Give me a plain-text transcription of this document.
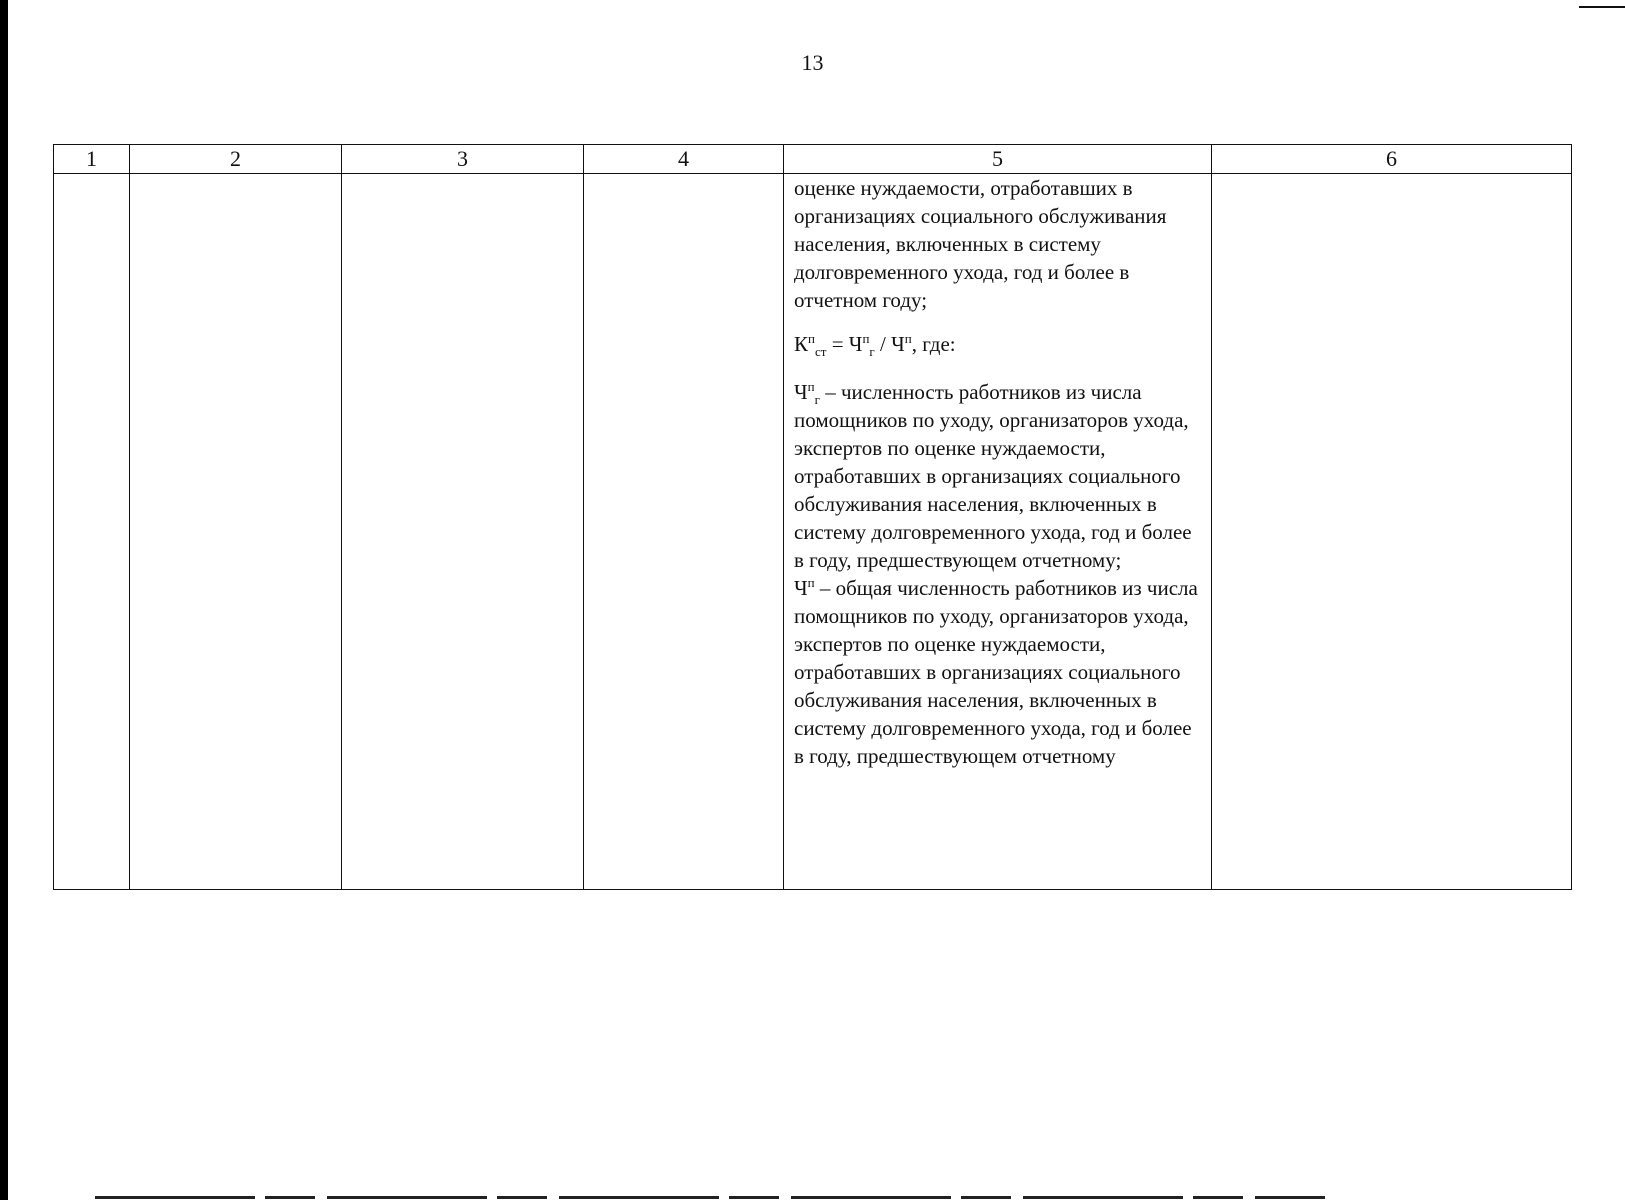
13
1	2	3	4	5	6

				оценке нуждаемости, отработавших в организациях социального обслуживания населения, включенных в систему долговременного ухода, год и более в отчетном году;

$К^п_{ст} = Ч^п_г / Ч^п$, где:

$Ч^п_г$ – численность работников из числа помощников по уходу, организаторов ухода, экспертов по оценке нуждаемости, отработавших в организациях социального обслуживания населения, включенных в систему долговременного ухода, год и более в году, предшествующем отчетному;

$Ч^п$ – общая численность работников из числа помощников по уходу, организаторов ухода, экспертов по оценке нуждаемости, отработавших в организациях социального обслуживания населения, включенных в систему долговременного ухода, год и более в году, предшествующем отчетному	
